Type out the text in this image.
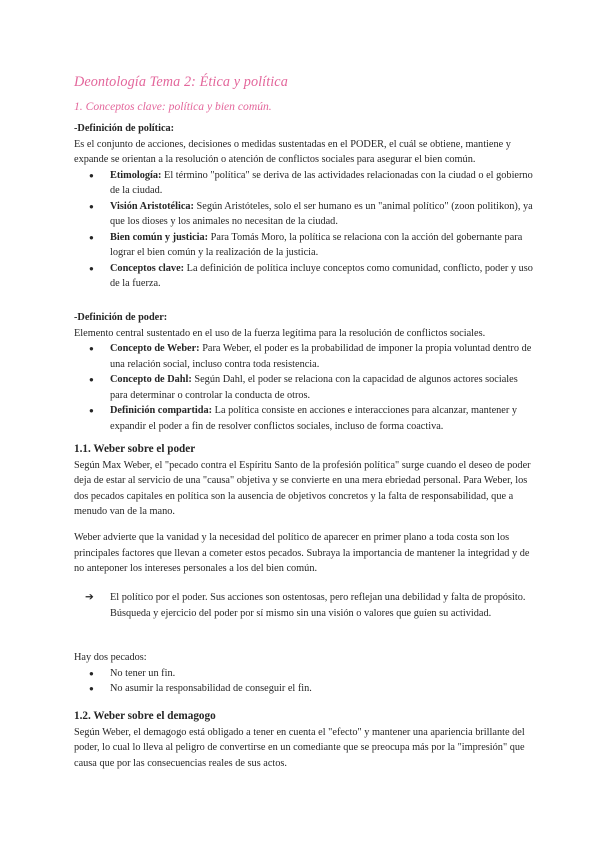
Deontología Tema 2: Ética y política
1. Conceptos clave: política y bien común.

-Definición de política:

Es el conjunto de acciones, decisiones o medidas sustentadas en el PODER, el cuál se obtiene, mantiene y expande se orientan a la resolución o atención de conflictos sociales para asegurar el bien común.

● Etimología: El término "política" se deriva de las actividades relacionadas con la ciudad o el gobierno de la ciudad.
● Visión Aristotélica: Según Aristóteles, solo el ser humano es un "animal político" (zoon politikon), ya que los dioses y los animales no necesitan de la ciudad.
● Bien común y justicia: Para Tomás Moro, la política se relaciona con la acción del gobernante para lograr el bien común y la realización de la justicia.
● Conceptos clave: La definición de política incluye conceptos como comunidad, conflicto, poder y uso de la fuerza.

-Definición de poder:

Elemento central sustentado en el uso de la fuerza legítima para la resolución de conflictos sociales.

● Concepto de Weber: Para Weber, el poder es la probabilidad de imponer la propia voluntad dentro de una relación social, incluso contra toda resistencia.
● Concepto de Dahl: Según Dahl, el poder se relaciona con la capacidad de algunos actores sociales para determinar o controlar la conducta de otros.
● Definición compartida: La política consiste en acciones e interacciones para alcanzar, mantener y expandir el poder a fin de resolver conflictos sociales, incluso de forma coactiva.

1.1. Weber sobre el poder

Según Max Weber, el "pecado contra el Espíritu Santo de la profesión política" surge cuando el deseo de poder deja de estar al servicio de una "causa" objetiva y se convierte en una mera ebriedad personal. Para Weber, los dos pecados capitales en política son la ausencia de objetivos concretos y la falta de responsabilidad, que a menudo van de la mano.

Weber advierte que la vanidad y la necesidad del político de aparecer en primer plano a toda costa son los principales factores que llevan a cometer estos pecados. Subraya la importancia de mantener la integridad y de no anteponer los intereses personales a los del bien común.

➔ El político por el poder. Sus acciones son ostentosas, pero reflejan una debilidad y falta de propósito. Búsqueda y ejercicio del poder por sí mismo sin una visión o valores que guíen su actividad.

Hay dos pecados:

● No tener un fin.
● No asumir la responsabilidad de conseguir el fin.

1.2. Weber sobre el demagogo

Según Weber, el demagogo está obligado a tener en cuenta el "efecto" y mantener una apariencia brillante del poder, lo cual lo lleva al peligro de convertirse en un comediante que se preocupa más por la "impresión" que causa que por las consecuencias reales de sus actos.
